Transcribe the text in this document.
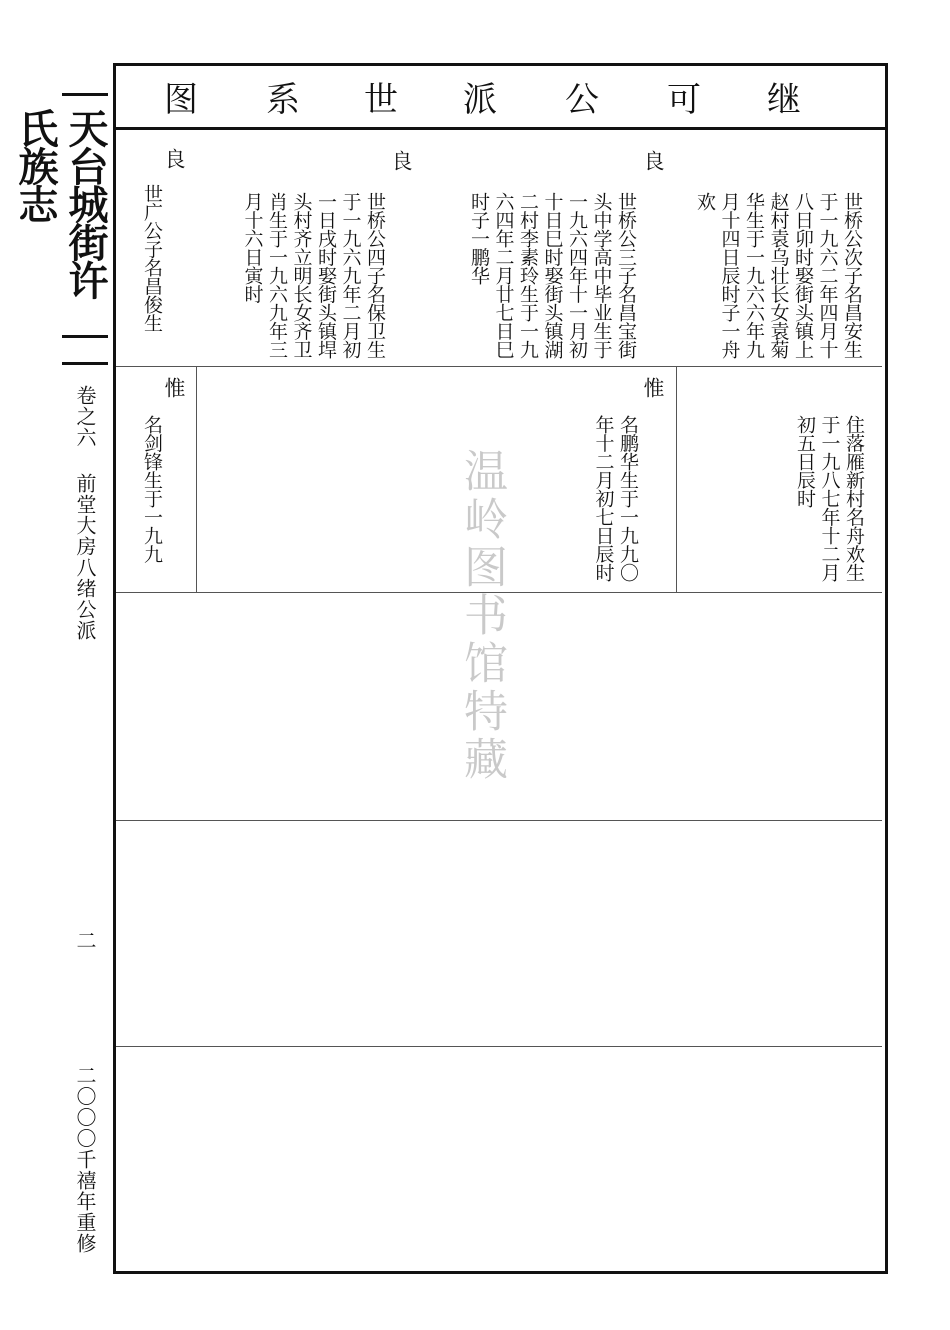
天台城街许氏族志
卷之六 前堂大房八绪公派
二
二〇〇〇千禧年重修
图 系 世 派 公 可 继
良
良
良
惟
惟
世桥公次子名昌安生于一九六二年四月十八日卯时娶街头镇上赵村袁乌壮长女袁菊华生于一九六六年九月十四日辰时子一舟欢
世桥公三子名昌宝街头中学高中毕业生于一九六四年十一月初十日巳时娶街头镇湖二村李素玲生于一九六四年二月廿七日巳时子一鹏华
世桥公四子名保卫生于一九六九年二月初一日戌时娶街头镇垾头村齐立明长女齐卫肖生于一九六九年三月十六日寅时
世广公子名昌俊生
住落雁新村名舟欢生于一九八七年十二月初五日辰时
名鹏华生于一九九〇年十二月初七日辰时
名剑锋生于一九九	温岭图书馆特藏
